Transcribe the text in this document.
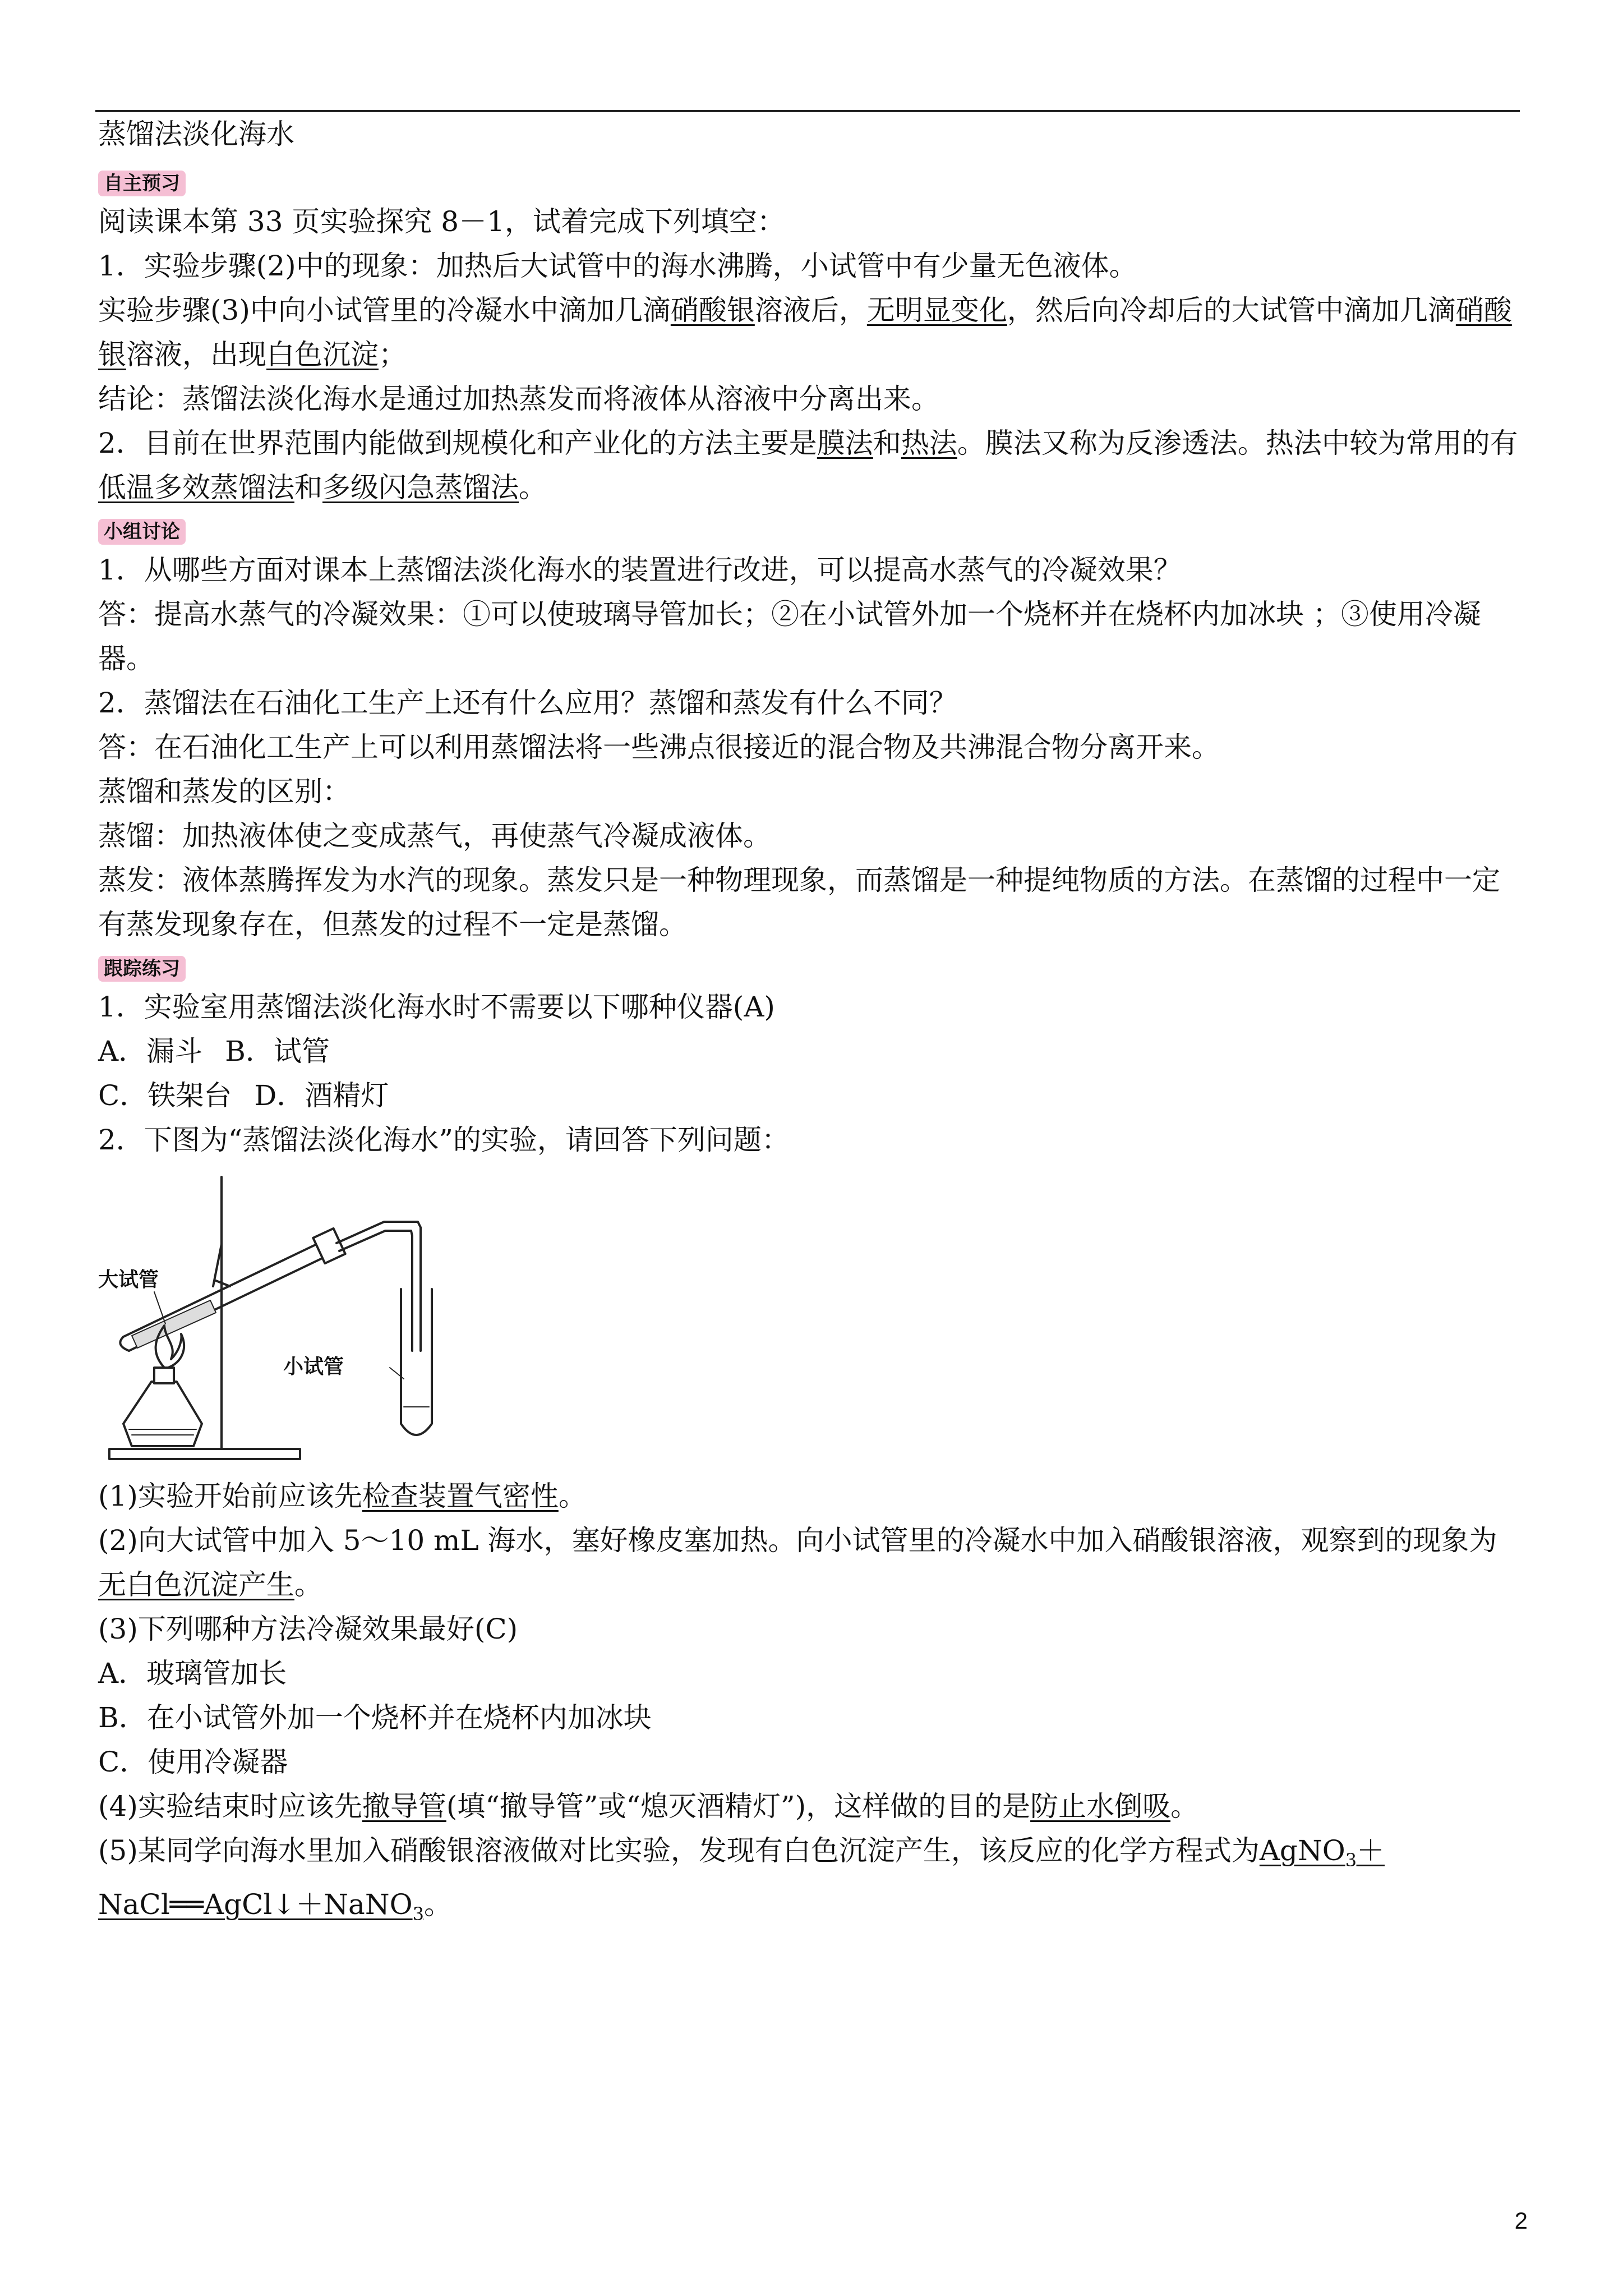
蒸馏法淡化海水
自主预习
阅读课本第 33 页实验探究 8－1，试着完成下列填空：
1．实验步骤(2)中的现象：加热后大试管中的海水沸腾，小试管中有少量无色液体。
实验步骤(3)中向小试管里的冷凝水中滴加几滴硝酸银溶液后，无明显变化，然后向冷却后的大试管中滴加几滴硝酸银溶液，出现白色沉淀；
结论：蒸馏法淡化海水是通过加热蒸发而将液体从溶液中分离出来。
2．目前在世界范围内能做到规模化和产业化的方法主要是膜法和热法。膜法又称为反渗透法。热法中较为常用的有低温多效蒸馏法和多级闪急蒸馏法。
小组讨论
1．从哪些方面对课本上蒸馏法淡化海水的装置进行改进，可以提高水蒸气的冷凝效果？
答：提高水蒸气的冷凝效果：①可以使玻璃导管加长；②在小试管外加一个烧杯并在烧杯内加冰块 ；③使用冷凝器。
2．蒸馏法在石油化工生产上还有什么应用？蒸馏和蒸发有什么不同？
答：在石油化工生产上可以利用蒸馏法将一些沸点很接近的混合物及共沸混合物分离开来。
蒸馏和蒸发的区别：
蒸馏：加热液体使之变成蒸气，再使蒸气冷凝成液体。
蒸发：液体蒸腾挥发为水汽的现象。蒸发只是一种物理现象，而蒸馏是一种提纯物质的方法。在蒸馏的过程中一定有蒸发现象存在，但蒸发的过程不一定是蒸馏。
跟踪练习
1．实验室用蒸馏法淡化海水时不需要以下哪种仪器(A)
A．漏斗 B．试管
C．铁架台 D．酒精灯
2．下图为“蒸馏法淡化海水”的实验，请回答下列问题：
大试管
小试管
(1)实验开始前应该先检查装置气密性。
(2)向大试管中加入 5～10 mL 海水，塞好橡皮塞加热。向小试管里的冷凝水中加入硝酸银溶液，观察到的现象为无白色沉淀产生。
(3)下列哪种方法冷凝效果最好(C)
A．玻璃管加长
B．在小试管外加一个烧杯并在烧杯内加冰块
C．使用冷凝器
(4)实验结束时应该先撤导管(填“撤导管”或“熄灭酒精灯”)，这样做的目的是防止水倒吸。
(5)某同学向海水里加入硝酸银溶液做对比实验，发现有白色沉淀产生，该反应的化学方程式为AgNO$_3$＋NaCl══AgCl↓＋NaNO$_3$。
2
